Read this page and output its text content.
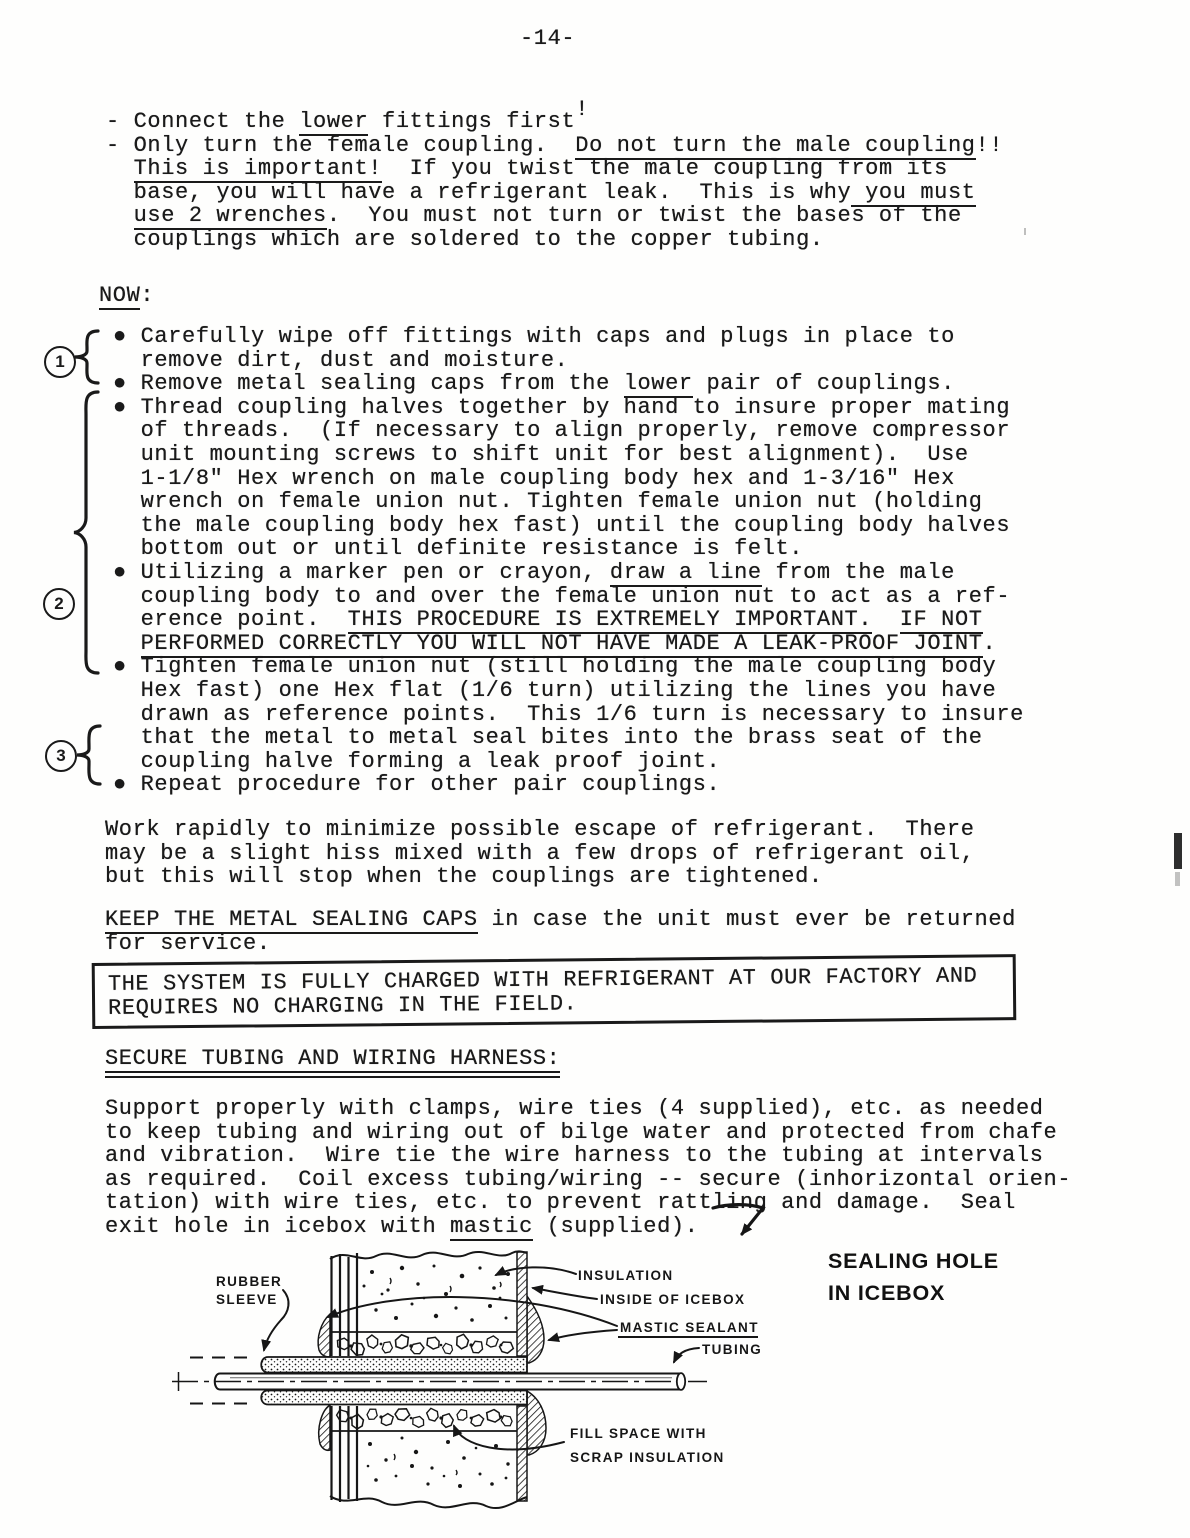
-14-
- Connect the lower fittings first!
- Only turn the female coupling.  Do not turn the male coupling!!
This is important!  If you twist the male coupling from its
base, you will have a refrigerant leak.  This is why you must
use 2 wrenches.  You must not turn or twist the bases of the
couplings which are soldered to the copper tubing.
NOW:
1
2
3
● Carefully wipe off fittings with caps and plugs in place to
remove dirt, dust and moisture.
● Remove metal sealing caps from the lower pair of couplings.
● Thread coupling halves together by hand to insure proper mating
of threads.  (If necessary to align properly, remove compressor
unit mounting screws to shift unit for best alignment).  Use
1-1/8" Hex wrench on male coupling body hex and 1-3/16" Hex
wrench on female union nut. Tighten female union nut (holding
the male coupling body hex fast) until the coupling body halves
bottom out or until definite resistance is felt.
● Utilizing a marker pen or crayon, draw a line from the male
coupling body to and over the female union nut to act as a ref-
erence point.  THIS PROCEDURE IS EXTREMELY IMPORTANT. IF NOT
PERFORMED CORRECTLY YOU WILL NOT HAVE MADE A LEAK-PROOF JOINT.
● Tighten female union nut (still holding the male coupling body
Hex fast) one Hex flat (1/6 turn) utilizing the lines you have
drawn as reference points.  This 1/6 turn is necessary to insure
that the metal to metal seal bites into the brass seat of the
coupling halve forming a leak proof joint.
● Repeat procedure for other pair couplings.
Work rapidly to minimize possible escape of refrigerant.  There
may be a slight hiss mixed with a few drops of refrigerant oil,
but this will stop when the couplings are tightened.
KEEP THE METAL SEALING CAPS in case the unit must ever be returned
for service.
THE SYSTEM IS FULLY CHARGED WITH REFRIGERANT AT OUR FACTORY AND
REQUIRES NO CHARGING IN THE FIELD.
SECURE TUBING AND WIRING HARNESS:
Support properly with clamps, wire ties (4 supplied), etc. as needed
to keep tubing and wiring out of bilge water and protected from chafe
and vibration.  Wire tie the wire harness to the tubing at intervals
as required.  Coil excess tubing/wiring -- secure (inhorizontal orien-
tation) with wire ties, etc. to prevent rattling and damage.  Seal
exit hole in icebox with mastic (supplied).
RUBBER
SLEEVE
INSULATION
INSIDE OF ICEBOX
MASTIC SEALANT
TUBING
FILL SPACE WITH
SCRAP INSULATION
SEALING HOLE
IN ICEBOX
